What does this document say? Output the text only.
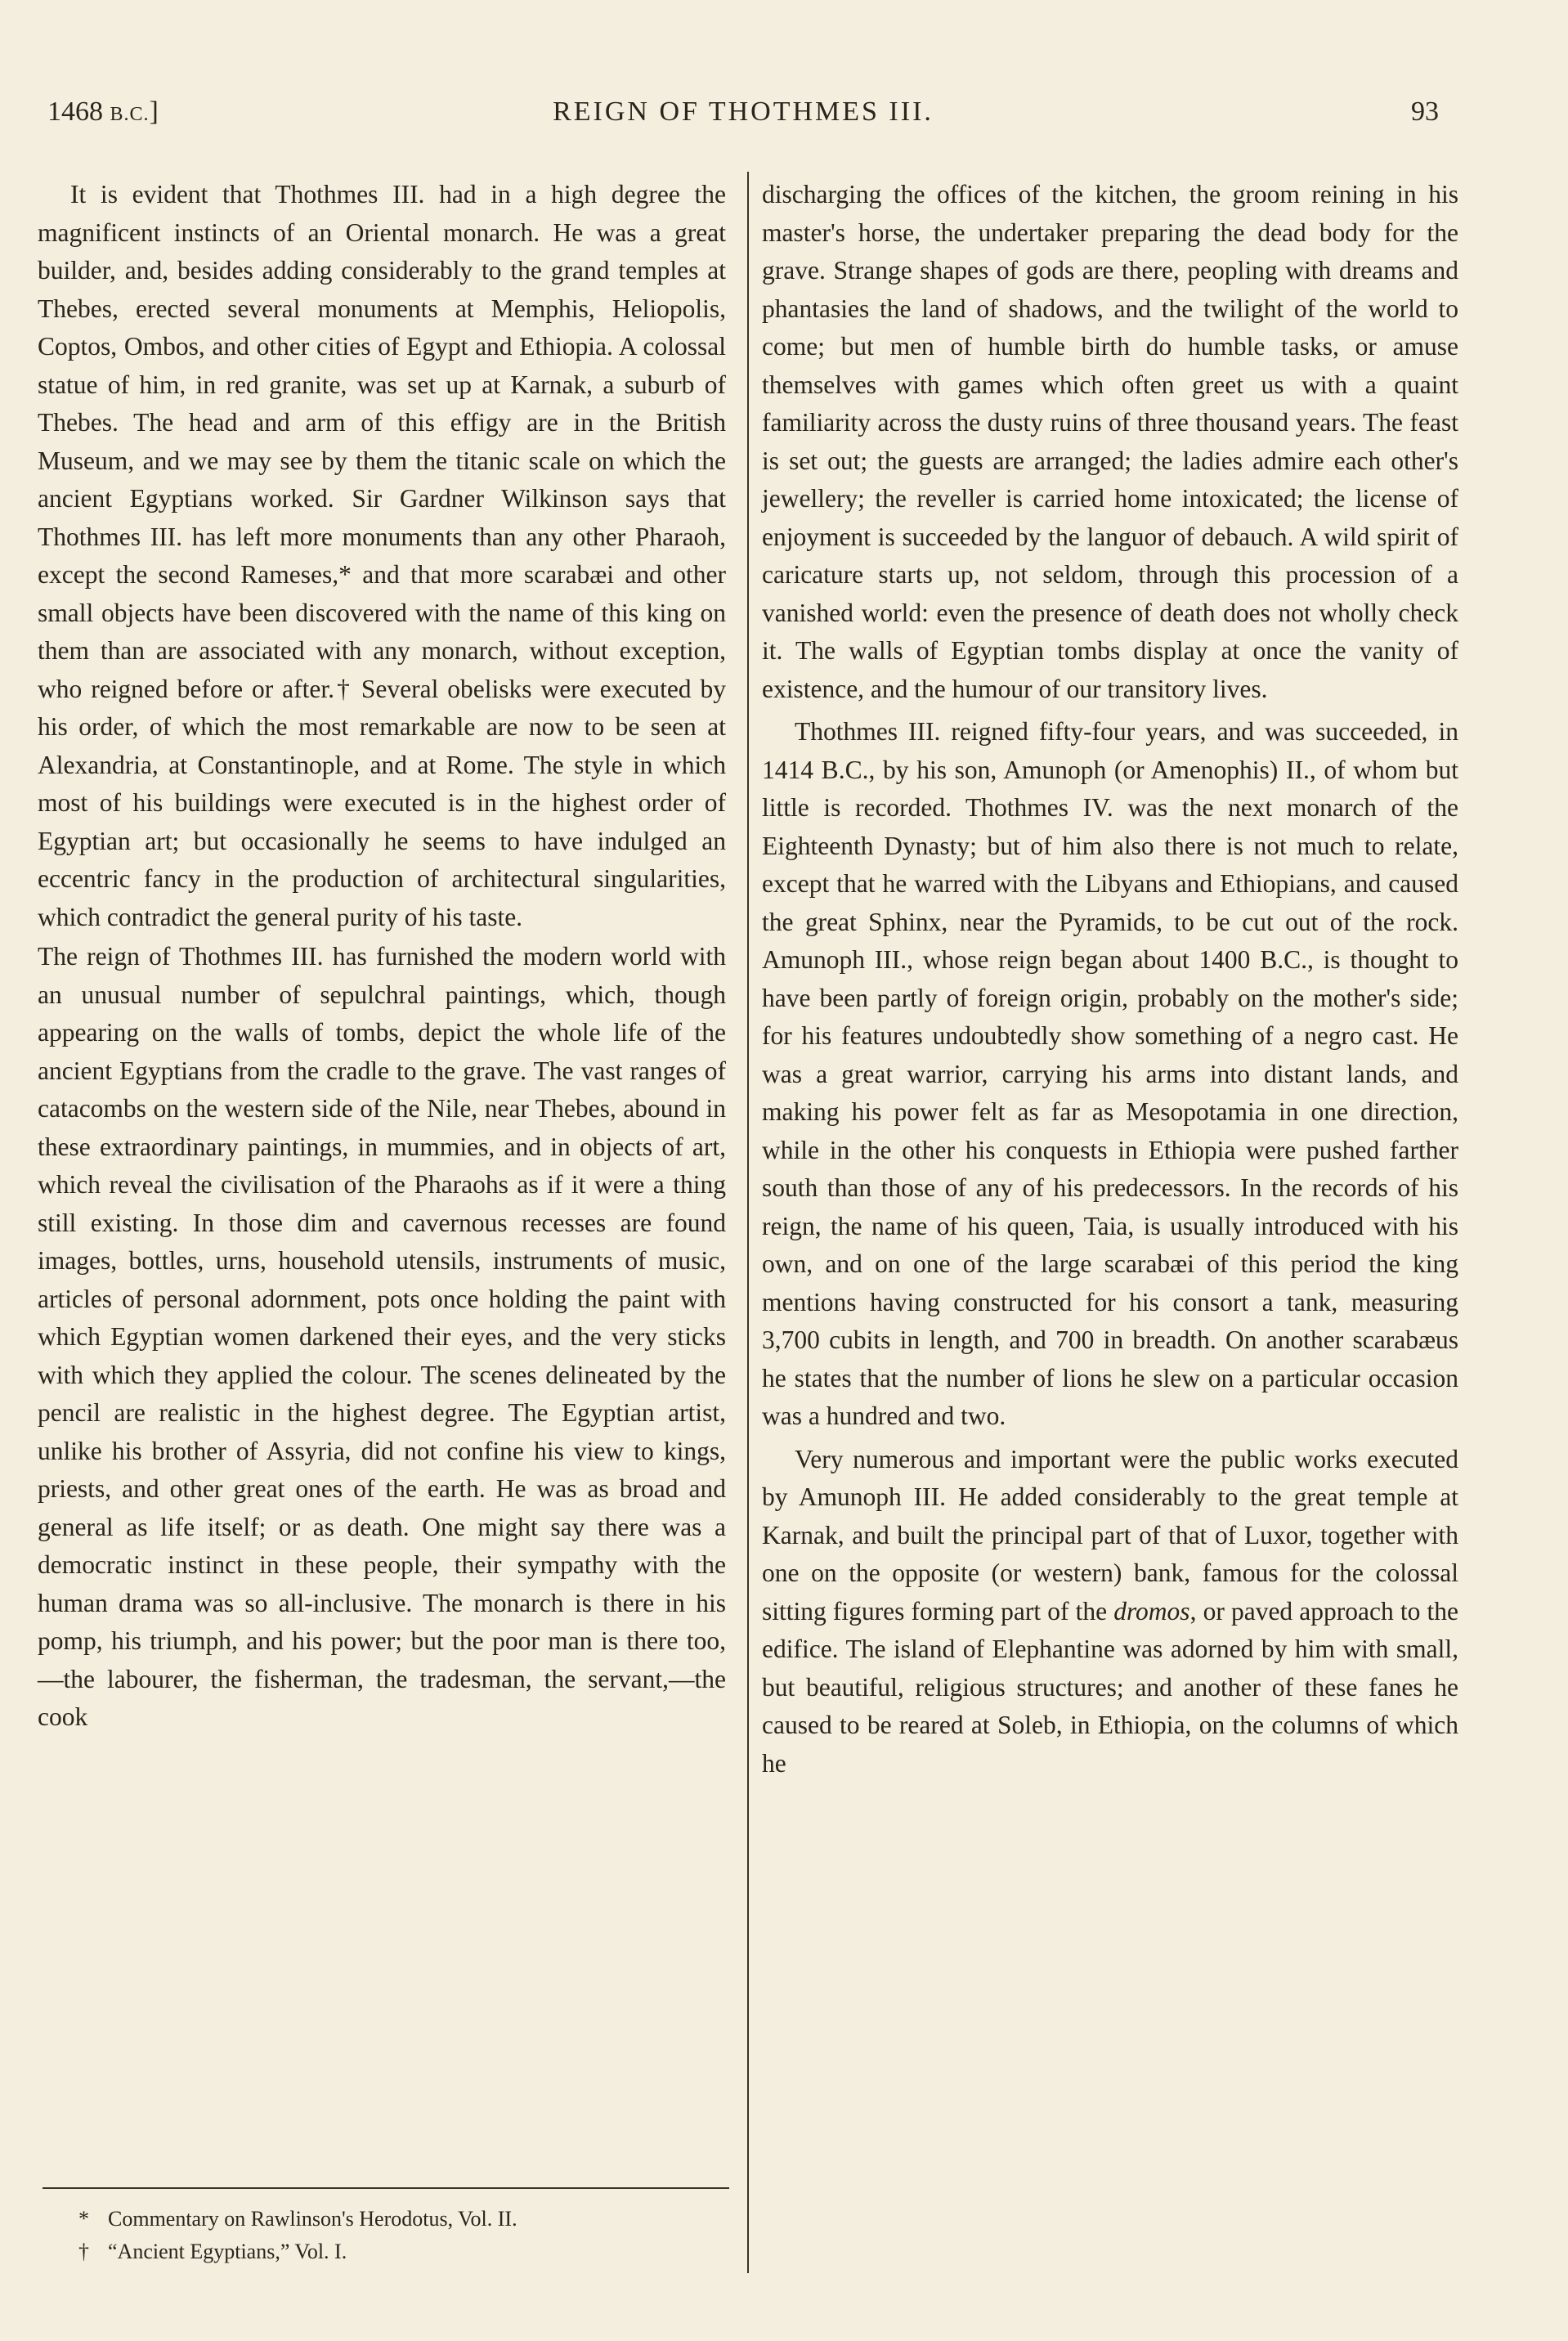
1468 B.C.]	REIGN OF THOTHMES III.	93

It is evident that Thothmes III. had in a high degree the magnificent instincts of an Oriental monarch. He was a great builder, and, besides adding considerably to the grand temples at Thebes, erected several monuments at Memphis, Heliopolis, Coptos, Ombos, and other cities of Egypt and Ethiopia. A colossal statue of him, in red granite, was set up at Karnak, a suburb of Thebes. The head and arm of this effigy are in the British Museum, and we may see by them the titanic scale on which the ancient Egyptians worked. Sir Gardner Wilkinson says that Thothmes III. has left more monuments than any other Pharaoh, except the second Rameses,* and that more scarabæi and other small objects have been discovered with the name of this king on them than are associated with any monarch, without exception, who reigned before or after.† Several obelisks were executed by his order, of which the most remarkable are now to be seen at Alexandria, at Constantinople, and at Rome. The style in which most of his buildings were executed is in the highest order of Egyptian art; but occasionally he seems to have indulged an eccentric fancy in the production of architectural singularities, which contradict the general purity of his taste.

The reign of Thothmes III. has furnished the modern world with an unusual number of sepulchral paintings, which, though appearing on the walls of tombs, depict the whole life of the ancient Egyptians from the cradle to the grave. The vast ranges of catacombs on the western side of the Nile, near Thebes, abound in these extraordinary paintings, in mummies, and in objects of art, which reveal the civilisation of the Pharaohs as if it were a thing still existing. In those dim and cavernous recesses are found images, bottles, urns, household utensils, instruments of music, articles of personal adornment, pots once holding the paint with which Egyptian women darkened their eyes, and the very sticks with which they applied the colour. The scenes delineated by the pencil are realistic in the highest degree. The Egyptian artist, unlike his brother of Assyria, did not confine his view to kings, priests, and other great ones of the earth. He was as broad and general as life itself; or as death. One might say there was a democratic instinct in these people, their sympathy with the human drama was so all-inclusive. The monarch is there in his pomp, his triumph, and his power; but the poor man is there too,—the labourer, the fisherman, the tradesman, the servant,—the cook

discharging the offices of the kitchen, the groom reining in his master's horse, the undertaker preparing the dead body for the grave. Strange shapes of gods are there, peopling with dreams and phantasies the land of shadows, and the twilight of the world to come; but men of humble birth do humble tasks, or amuse themselves with games which often greet us with a quaint familiarity across the dusty ruins of three thousand years. The feast is set out; the guests are arranged; the ladies admire each other's jewellery; the reveller is carried home intoxicated; the license of enjoyment is succeeded by the languor of debauch. A wild spirit of caricature starts up, not seldom, through this procession of a vanished world: even the presence of death does not wholly check it. The walls of Egyptian tombs display at once the vanity of existence, and the humour of our transitory lives.

Thothmes III. reigned fifty-four years, and was succeeded, in 1414 B.C., by his son, Amunoph (or Amenophis) II., of whom but little is recorded. Thothmes IV. was the next monarch of the Eighteenth Dynasty; but of him also there is not much to relate, except that he warred with the Libyans and Ethiopians, and caused the great Sphinx, near the Pyramids, to be cut out of the rock. Amunoph III., whose reign began about 1400 B.C., is thought to have been partly of foreign origin, probably on the mother's side; for his features undoubtedly show something of a negro cast. He was a great warrior, carrying his arms into distant lands, and making his power felt as far as Mesopotamia in one direction, while in the other his conquests in Ethiopia were pushed farther south than those of any of his predecessors. In the records of his reign, the name of his queen, Taia, is usually introduced with his own, and on one of the large scarabæi of this period the king mentions having constructed for his consort a tank, measuring 3,700 cubits in length, and 700 in breadth. On another scarabæus he states that the number of lions he slew on a particular occasion was a hundred and two.

Very numerous and important were the public works executed by Amunoph III. He added considerably to the great temple at Karnak, and built the principal part of that of Luxor, together with one on the opposite (or western) bank, famous for the colossal sitting figures forming part of the dromos, or paved approach to the edifice. The island of Elephantine was adorned by him with small, but beautiful, religious structures; and another of these fanes he caused to be reared at Soleb, in Ethiopia, on the columns of which he

* Commentary on Rawlinson's Herodotus, Vol. II.
† “Ancient Egyptians,” Vol. I.
